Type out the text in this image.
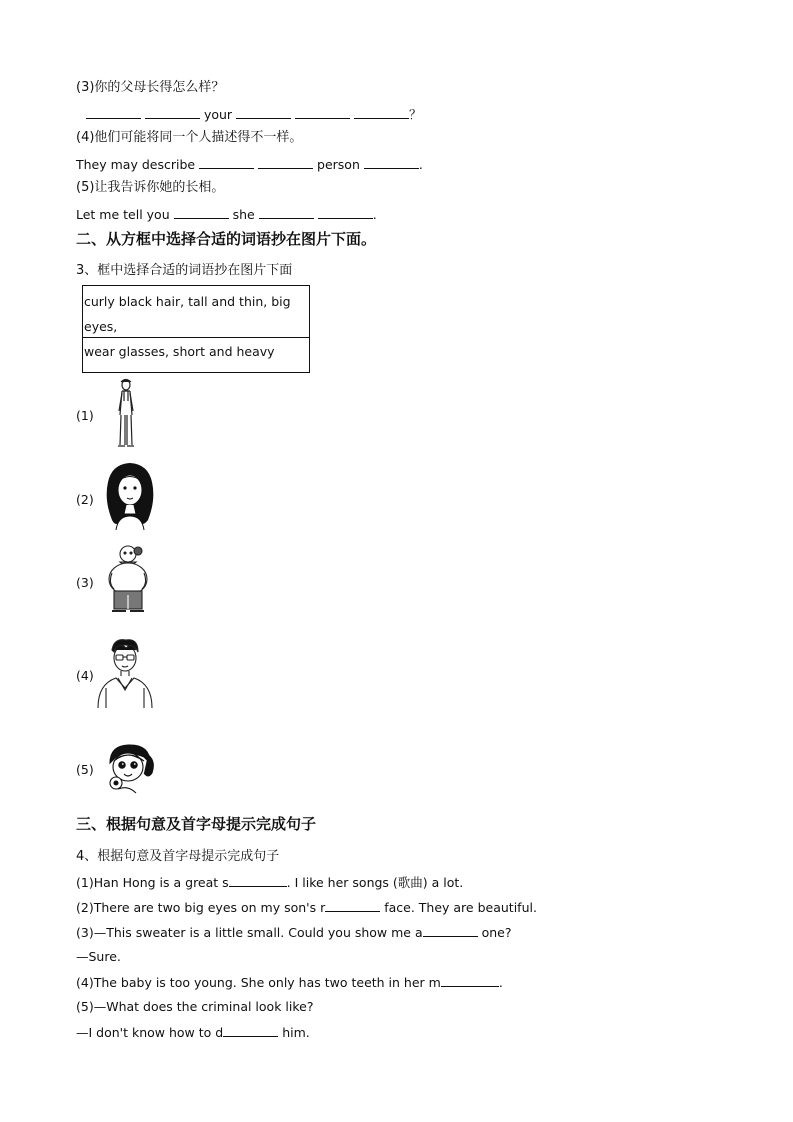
(3)你的父母长得怎么样？
your	？
(4)他们可能将同一个人描述得不一样。
They may describe	person	.
(5)让我告诉你她的长相。
Let me tell you	she	.
二、从方框中选择合适的词语抄在图片下面。
3、框中选择合适的词语抄在图片下面
curly black hair, tall and thin, big eyes,
wear glasses, short and heavy
(1)
(2)
(3)
(4)
(5)
三、根据句意及首字母提示完成句子
4、根据句意及首字母提示完成句子
(1)Han Hong is a great s	. I like her songs (歌曲) a lot.
(2)There are two big eyes on my son's r	face. They are beautiful.
(3)—This sweater is a little small. Could you show me a	one?
—Sure.
(4)The baby is too young. She only has two teeth in her m	.
(5)—What does the criminal look like?
—I don't know how to d	him.
